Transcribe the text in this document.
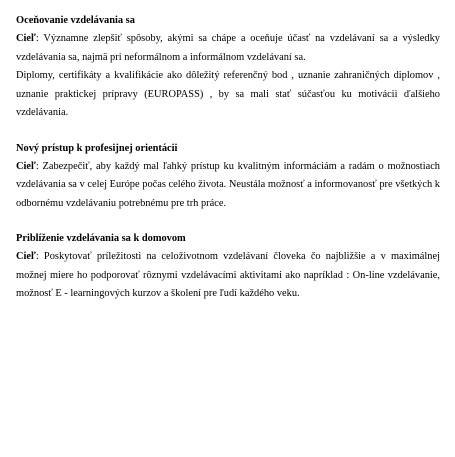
Oceňovanie vzdelávania sa

Cieľ: Významne zlepšiť spôsoby, akými sa chápe a oceňuje účasť na vzdelávaní sa a výsledky vzdelávania sa, najmä pri neformálnom a informálnom vzdelávaní sa.

Diplomy, certifikáty a kvalifikácie ako dôležitý referenčný bod , uznanie zahraničných diplomov , uznanie praktickej prípravy (EUROPASS) , by sa mali stať súčasťou ku motivácii ďalšieho vzdelávania.

Nový prístup k profesijnej orientácii

Cieľ: Zabezpečiť, aby každý mal ľahký prístup ku kvalitným informáciám a radám o možnostiach vzdelávania sa v celej Európe počas celého života. Neustála možnosť a informovanosť pre všetkých k odbornému vzdelávaniu potrebnému pre trh práce.

Priblíženie vzdelávania sa k domovom

Cieľ: Poskytovať príležitosti na celoživotnom vzdelávaní človeka čo najbližšie a v maximálnej možnej miere ho podporovať rôznymi vzdelávacími aktivitami ako napríklad : On-line vzdelávanie, možnosť E - learningových kurzov a školení pre ľudí každého veku.
